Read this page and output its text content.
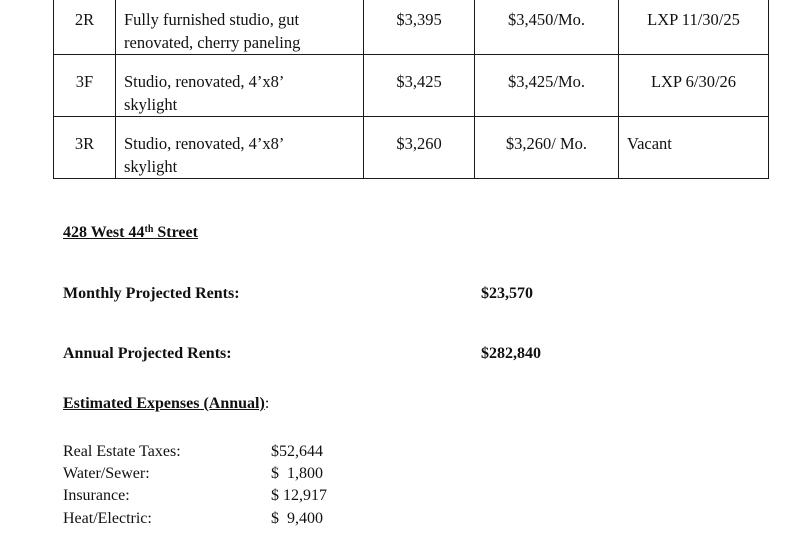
2R	Fully furnished studio, gut
renovated, cherry paneling	$3,395	$3,450/Mo.	LXP 11/30/25
3F	Studio, renovated, 4’x8’
skylight	$3,425	$3,425/Mo.	LXP 6/30/26
3R	Studio, renovated, 4’x8’
skylight	$3,260	$3,260/ Mo.	Vacant
428 West 44th Street
Monthly Projected Rents:	$23,570
Annual Projected Rents:	$282,840
Estimated Expenses (Annual):
Real Estate Taxes:	$52,644
Water/Sewer:	$  1,800
Insurance:	$ 12,917
Heat/Electric:	$  9,400
